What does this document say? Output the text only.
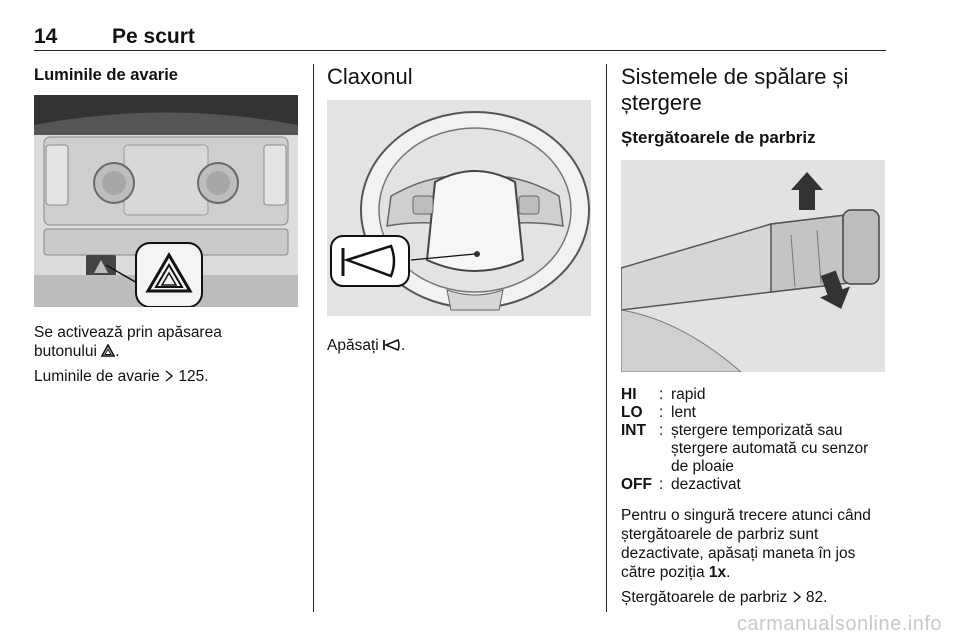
14	Pe scurt
Luminile de avarie

Se activează prin apăsarea
butonului .

Luminile de avarie 125.

Claxonul

Apăsați .

Sistemele de spălare și
ștergere
Ștergătoarele de parbriz
HI	: rapid
LO	: lent
INT : ștergere temporizată sau ștergere automată cu senzor de ploaie
OFF : dezactivat

Pentru o singură trecere atunci când
ștergătoarele de parbriz sunt
dezactivate, apăsați maneta în jos
către poziția 1x.

Ștergătoarele de parbriz 82.

carmanualsonline.info
